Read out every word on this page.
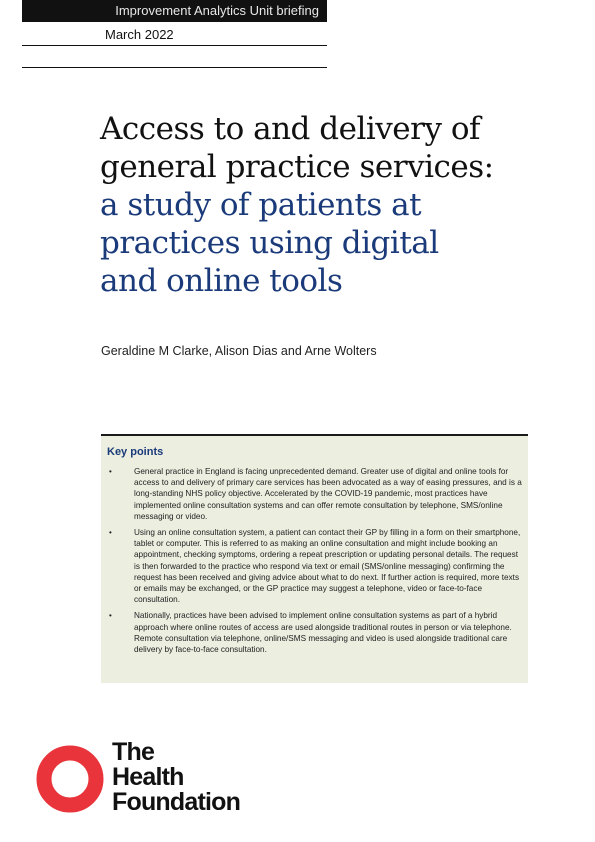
Improvement Analytics Unit briefing
March 2022
Access to and delivery of
general practice services:
a study of patients at
practices using digital
and online tools
Geraldine M Clarke, Alison Dias and Arne Wolters
Key points
•	General practice in England is facing unprecedented demand. Greater use of digital and online tools for access to and delivery of primary care services has been advocated as a way of easing pressures, and is a long-standing NHS policy objective. Accelerated by the COVID-19 pandemic, most practices have implemented online consultation systems and can offer remote consultation by telephone, SMS/online messaging or video.
•	Using an online consultation system, a patient can contact their GP by filling in a form on their smartphone, tablet or computer. This is referred to as making an online consultation and might include booking an appointment, checking symptoms, ordering a repeat prescription or updating personal details. The request is then forwarded to the practice who respond via text or email (SMS/online messaging) confirming the request has been received and giving advice about what to do next. If further action is required, more texts or emails may be exchanged, or the GP practice may suggest a telephone, video or face-to-face consultation.
•	Nationally, practices have been advised to implement online consultation systems as part of a hybrid approach where online routes of access are used alongside traditional routes in person or via telephone. Remote consultation via telephone, online/SMS messaging and video is used alongside traditional care delivery by face-to-face consultation.
The
Health
Foundation
